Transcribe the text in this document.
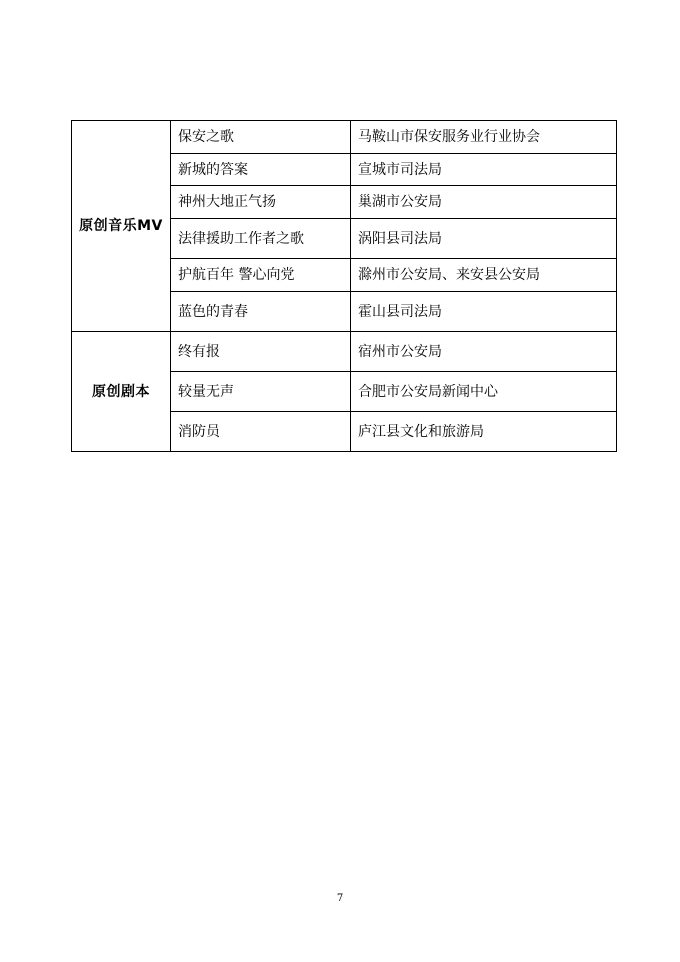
原创音乐MV	保安之歌	马鞍山市保安服务业行业协会
	新城的答案	宣城市司法局
	神州大地正气扬	巢湖市公安局
	法律援助工作者之歌	涡阳县司法局
	护航百年 警心向党	滁州市公安局、来安县公安局
	蓝色的青春	霍山县司法局
原创剧本	终有报	宿州市公安局
	较量无声	合肥市公安局新闻中心
	消防员	庐江县文化和旅游局
7
